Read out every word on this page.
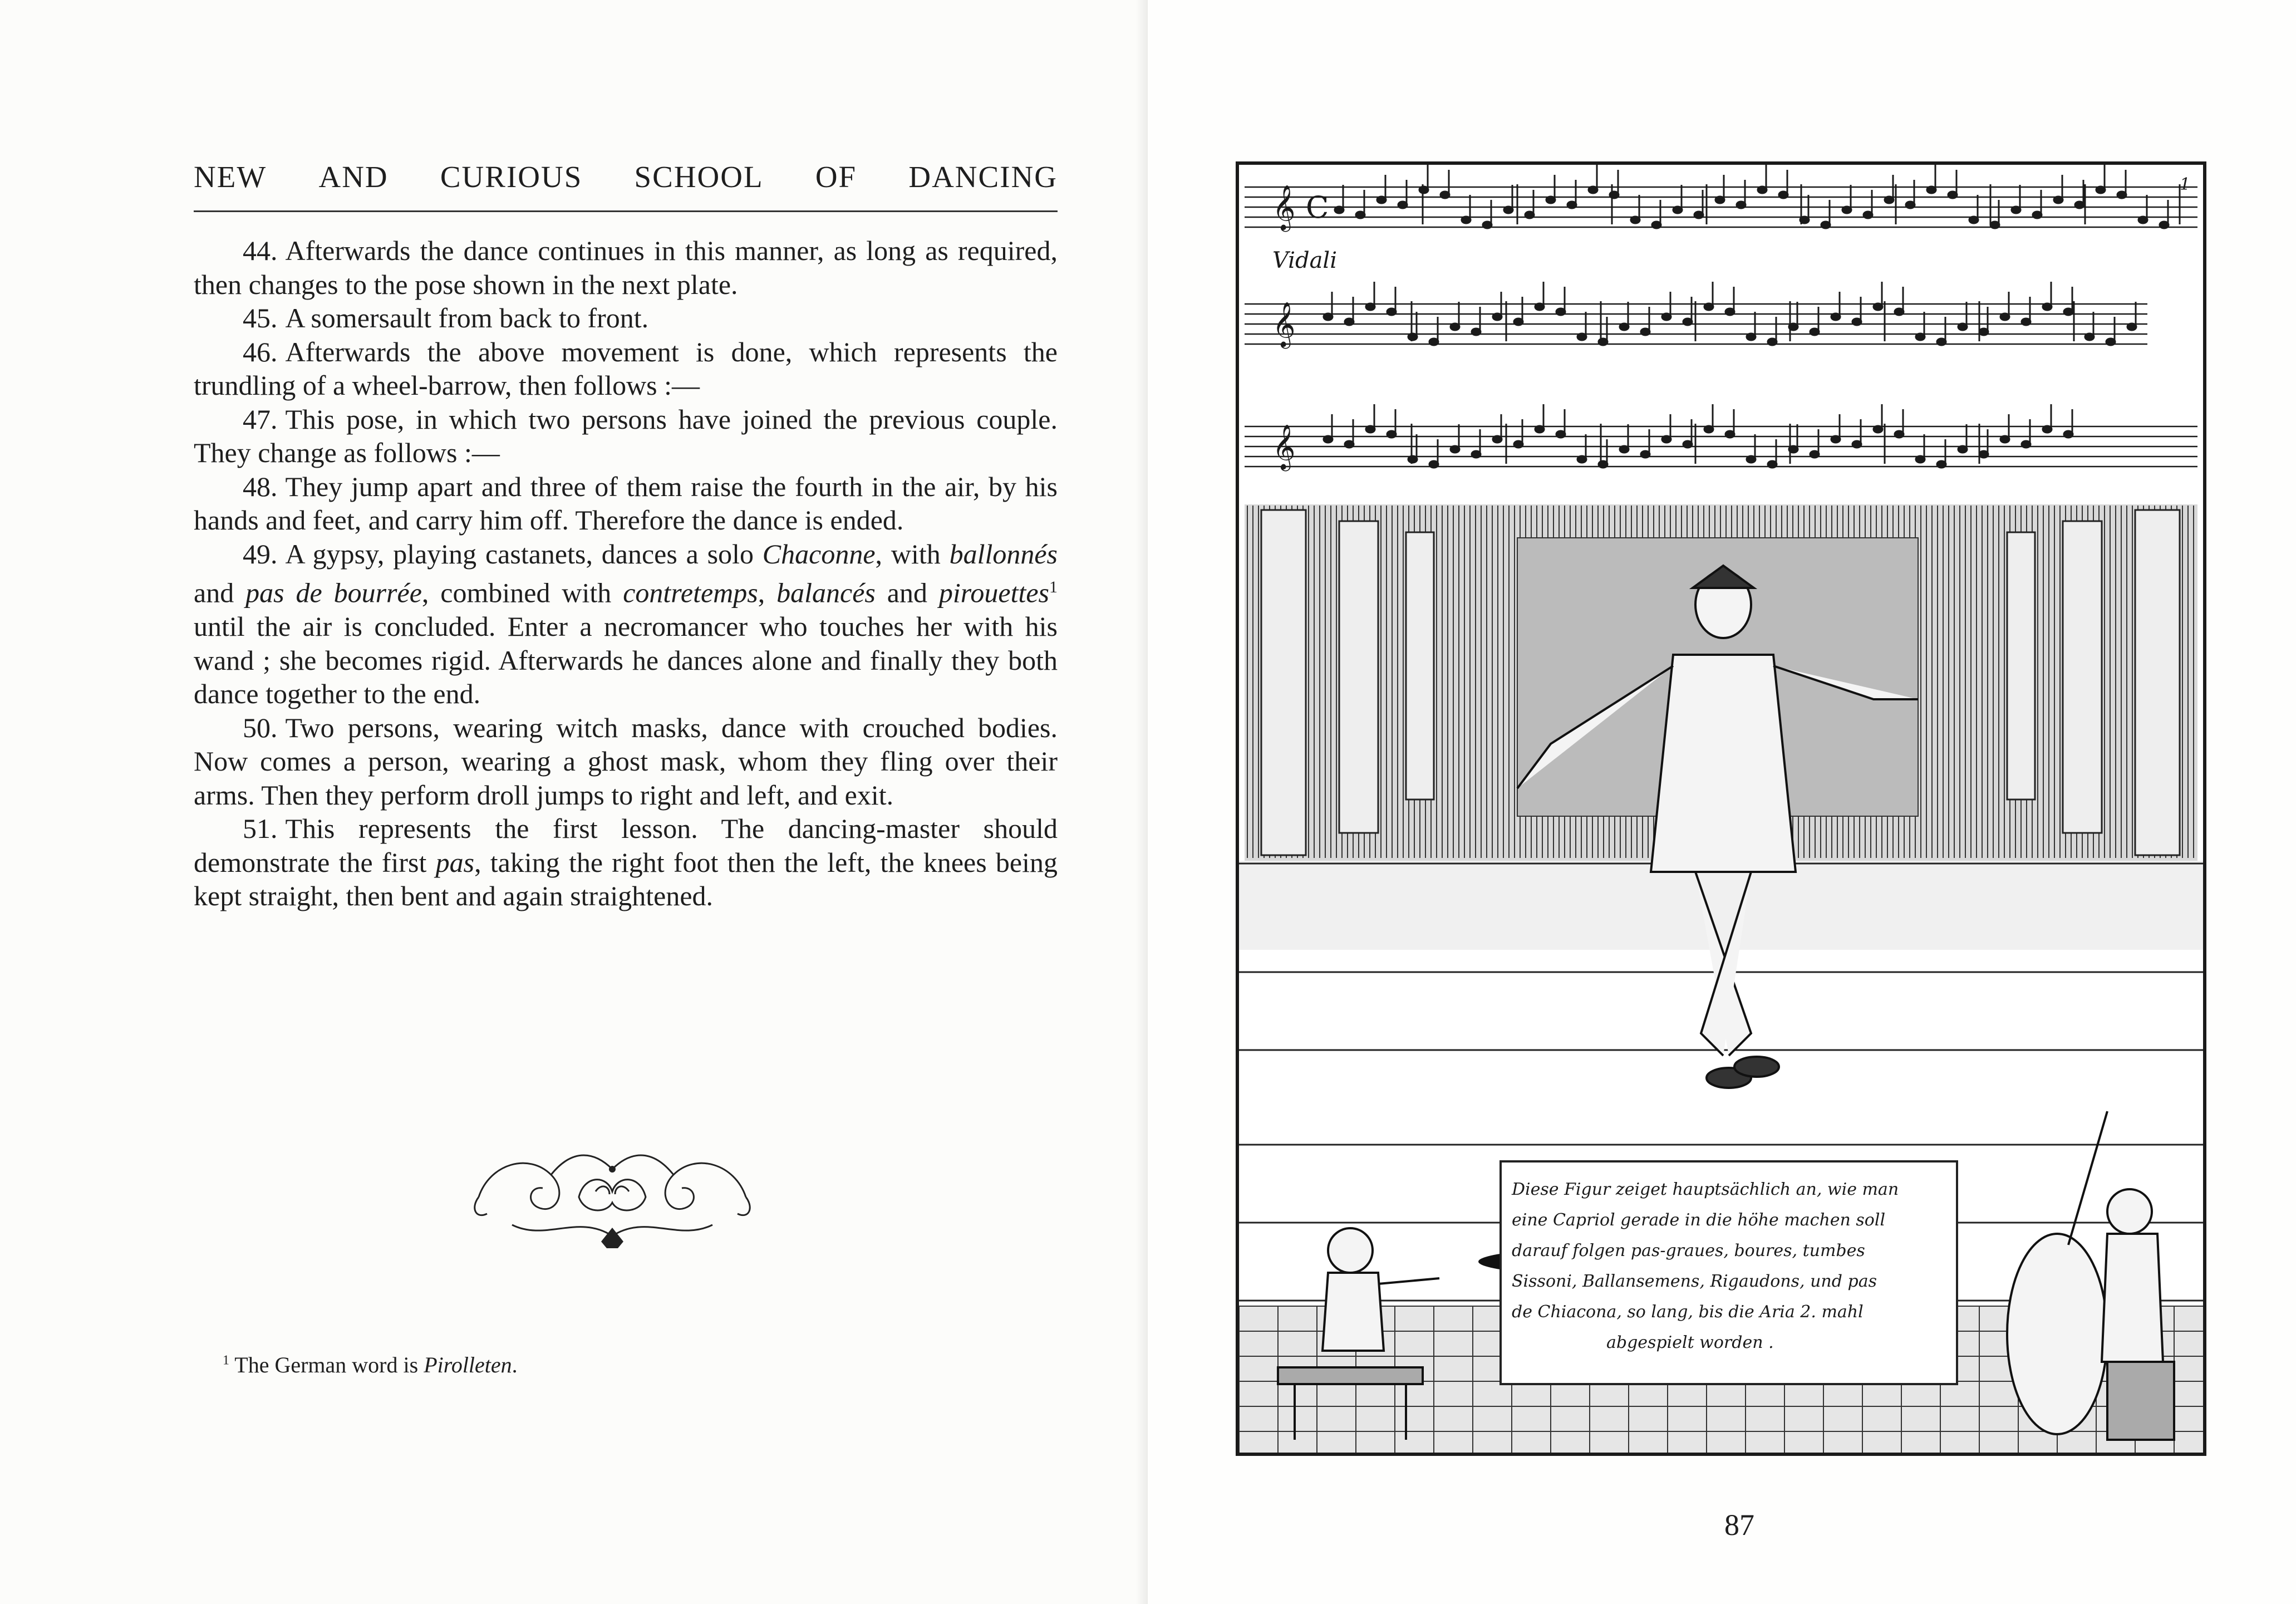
NEW AND CURIOUS SCHOOL OF DANCING

44. Afterwards the dance continues in this manner, as long as required, then changes to the pose shown in the next plate.

45. A somersault from back to front.

46. Afterwards the above movement is done, which represents the trundling of a wheel-barrow, then follows :—

47. This pose, in which two persons have joined the previous couple. They change as follows :—

48. They jump apart and three of them raise the fourth in the air, by his hands and feet, and carry him off. Therefore the dance is ended.

49. A gypsy, playing castanets, dances a solo Chaconne, with ballonnés and pas de bourrée, combined with contretemps, balancés and pirouettes$^1$ until the air is concluded. Enter a necromancer who touches her with his wand ; she becomes rigid. Afterwards he dances alone and finally they both dance together to the end.

50. Two persons, wearing witch masks, dance with crouched bodies. Now comes a person, wearing a ghost mask, whom they fling over their arms. Then they perform droll jumps to right and left, and exit.

51. This represents the first lesson. The dancing-master should demonstrate the first pas, taking the right foot then the left, the knees being kept straight, then bent and again straightened.

$^1$ The German word is Pirolleten.
𝄞
𝄞
𝄞
C
Vidali
1
Diese Figur zeiget hauptsächlich an, wie man
eine Capriol gerade in die höhe machen soll
darauf folgen pas-graues, boures, tumbes
Sissoni, Ballansemens, Rigaudons, und pas
de Chiacona, so lang, bis die Aria 2. mahl
abgespielt worden .
87
